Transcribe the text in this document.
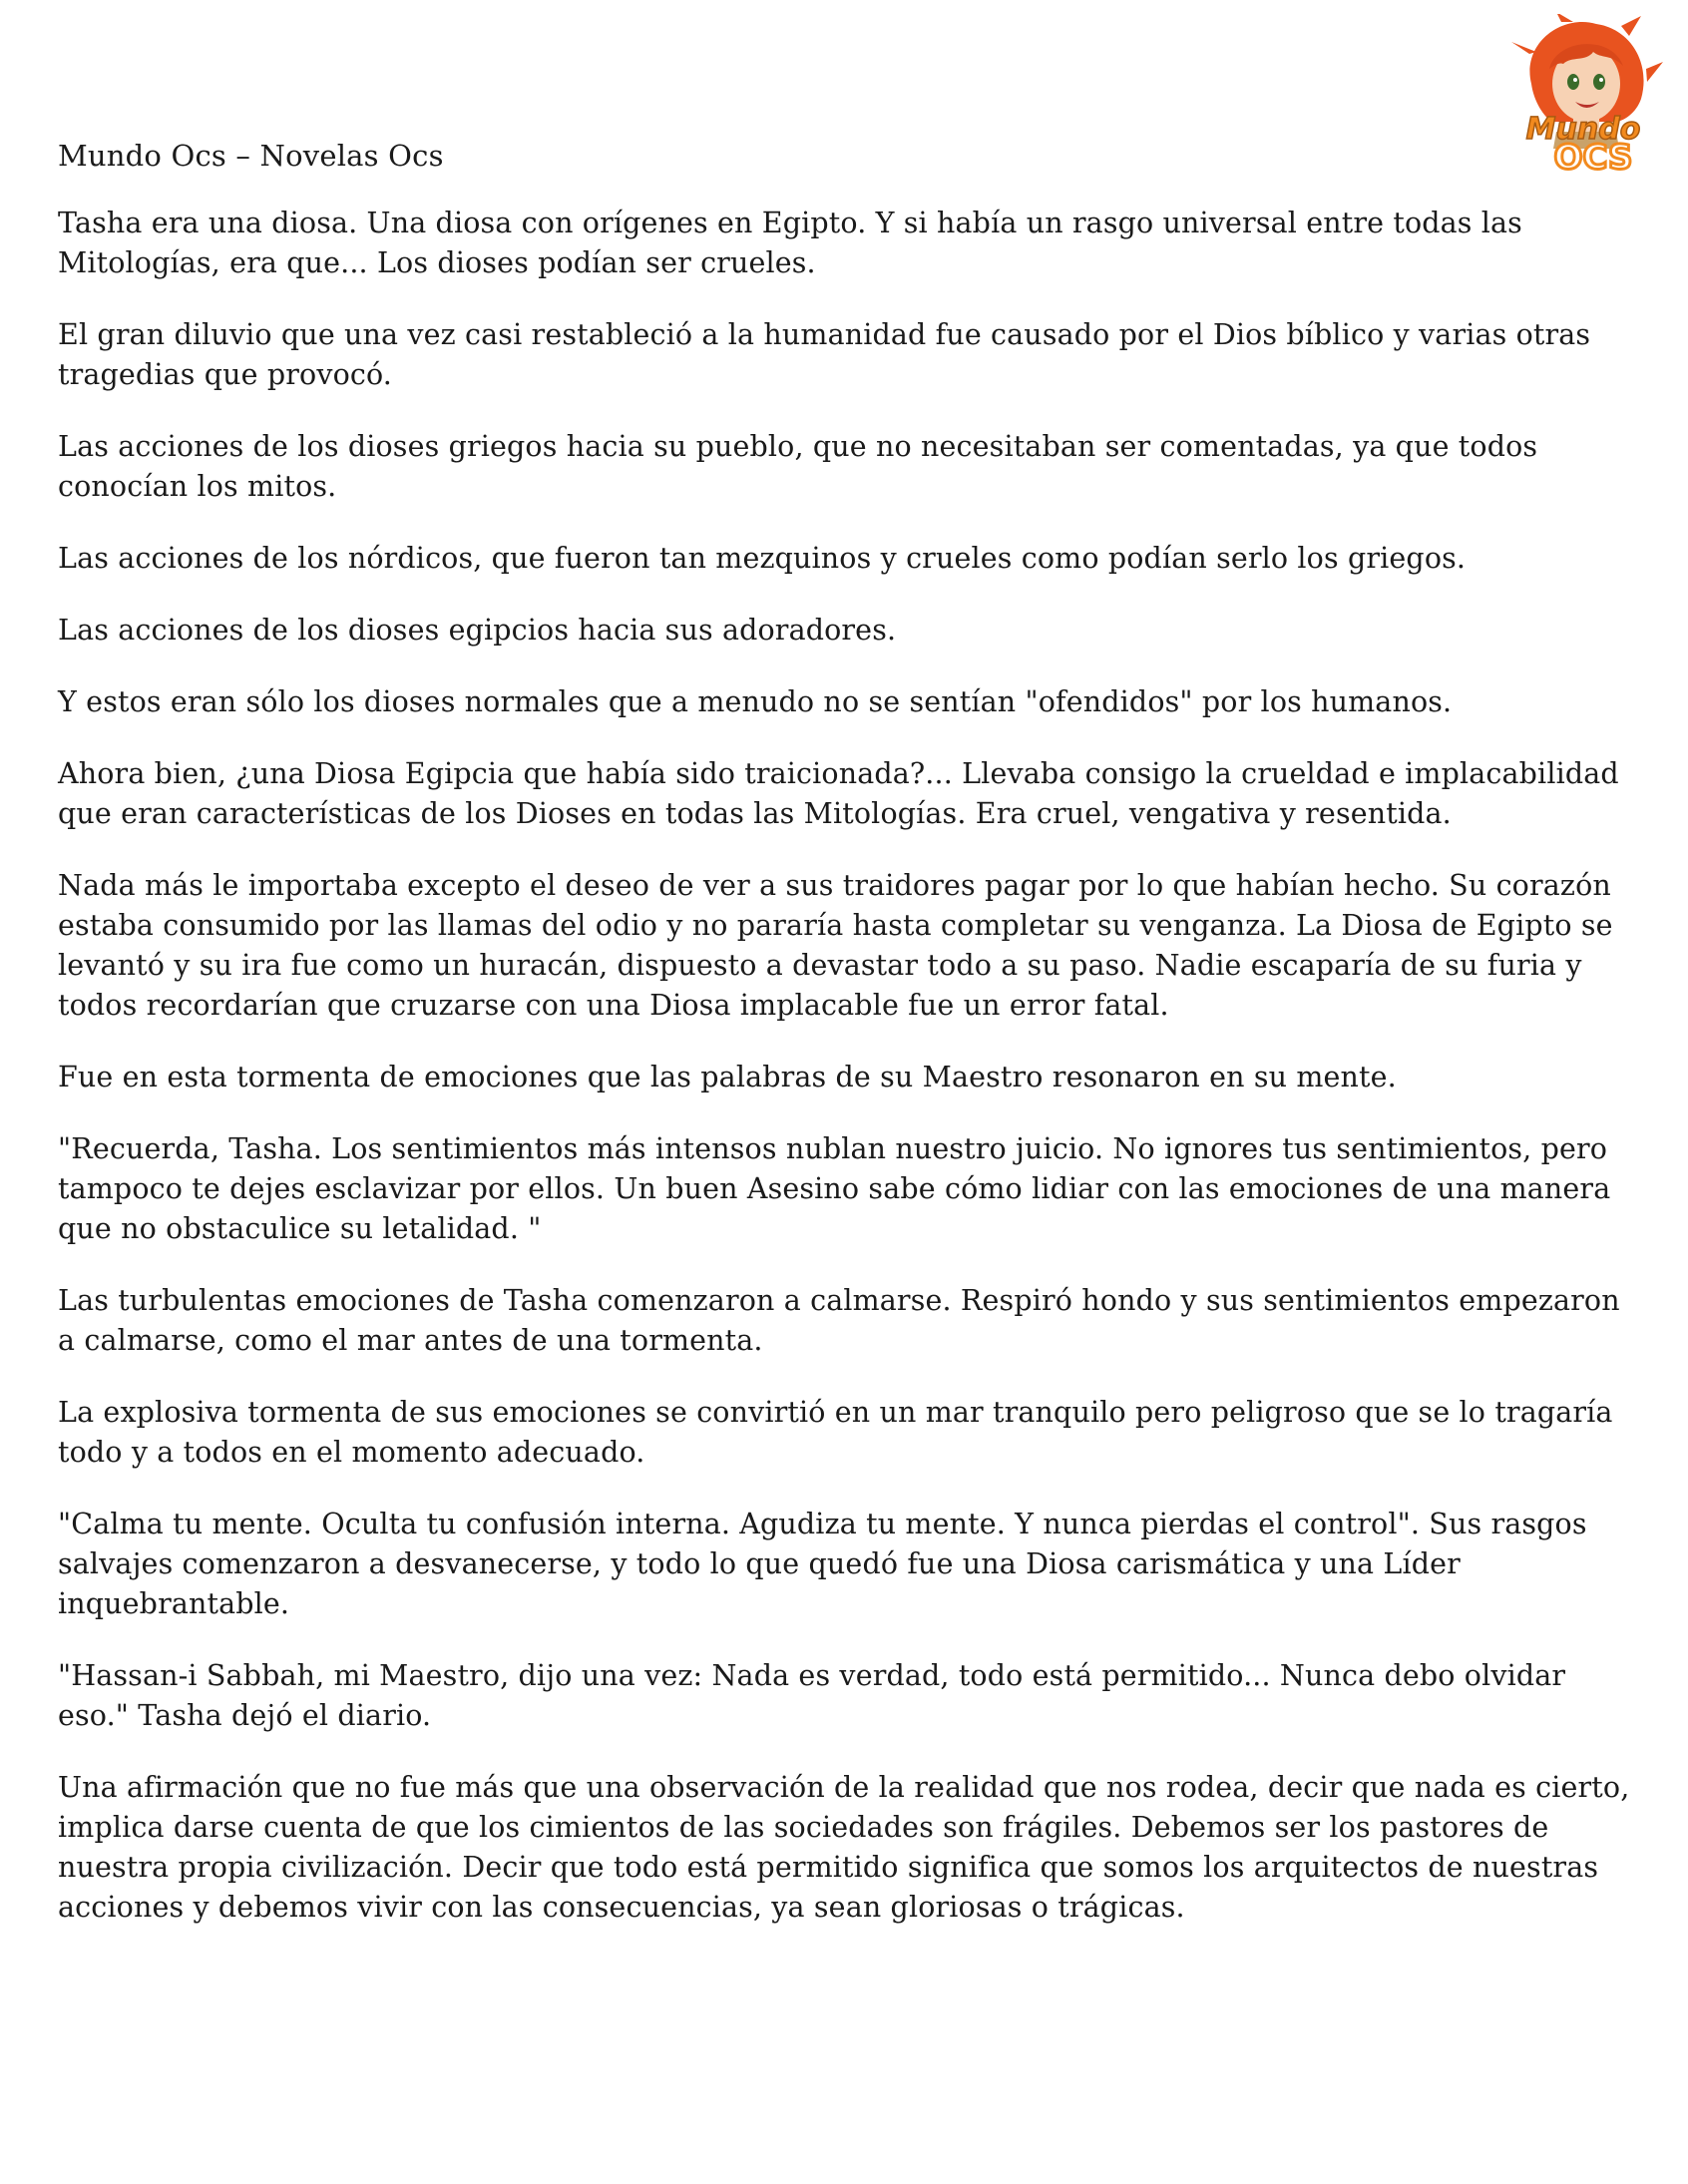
Mundo
OCS
Mundo Ocs – Novelas Ocs

Tasha era una diosa. Una diosa con orígenes en Egipto. Y si había un rasgo universal entre todas las Mitologías, era que... Los dioses podían ser crueles.

El gran diluvio que una vez casi restableció a la humanidad fue causado por el Dios bíblico y varias otras tragedias que provocó.

Las acciones de los dioses griegos hacia su pueblo, que no necesitaban ser comentadas, ya que todos conocían los mitos.

Las acciones de los nórdicos, que fueron tan mezquinos y crueles como podían serlo los griegos.

Las acciones de los dioses egipcios hacia sus adoradores.

Y estos eran sólo los dioses normales que a menudo no se sentían "ofendidos" por los humanos.

Ahora bien, ¿una Diosa Egipcia que había sido traicionada?... Llevaba consigo la crueldad e implacabilidad que eran características de los Dioses en todas las Mitologías. Era cruel, vengativa y resentida.

Nada más le importaba excepto el deseo de ver a sus traidores pagar por lo que habían hecho. Su corazón estaba consumido por las llamas del odio y no pararía hasta completar su venganza. La Diosa de Egipto se levantó y su ira fue como un huracán, dispuesto a devastar todo a su paso. Nadie escaparía de su furia y todos recordarían que cruzarse con una Diosa implacable fue un error fatal.

Fue en esta tormenta de emociones que las palabras de su Maestro resonaron en su mente.

"Recuerda, Tasha. Los sentimientos más intensos nublan nuestro juicio. No ignores tus sentimientos, pero tampoco te dejes esclavizar por ellos. Un buen Asesino sabe cómo lidiar con las emociones de una manera que no obstaculice su letalidad. "

Las turbulentas emociones de Tasha comenzaron a calmarse. Respiró hondo y sus sentimientos empezaron a calmarse, como el mar antes de una tormenta.

La explosiva tormenta de sus emociones se convirtió en un mar tranquilo pero peligroso que se lo tragaría todo y a todos en el momento adecuado.

"Calma tu mente. Oculta tu confusión interna. Agudiza tu mente. Y nunca pierdas el control". Sus rasgos salvajes comenzaron a desvanecerse, y todo lo que quedó fue una Diosa carismática y una Líder inquebrantable.

"Hassan-i Sabbah, mi Maestro, dijo una vez: Nada es verdad, todo está permitido... Nunca debo olvidar eso." Tasha dejó el diario.

Una afirmación que no fue más que una observación de la realidad que nos rodea, decir que nada es cierto, implica darse cuenta de que los cimientos de las sociedades son frágiles. Debemos ser los pastores de nuestra propia civilización. Decir que todo está permitido significa que somos los arquitectos de nuestras acciones y debemos vivir con las consecuencias, ya sean gloriosas o trágicas.
